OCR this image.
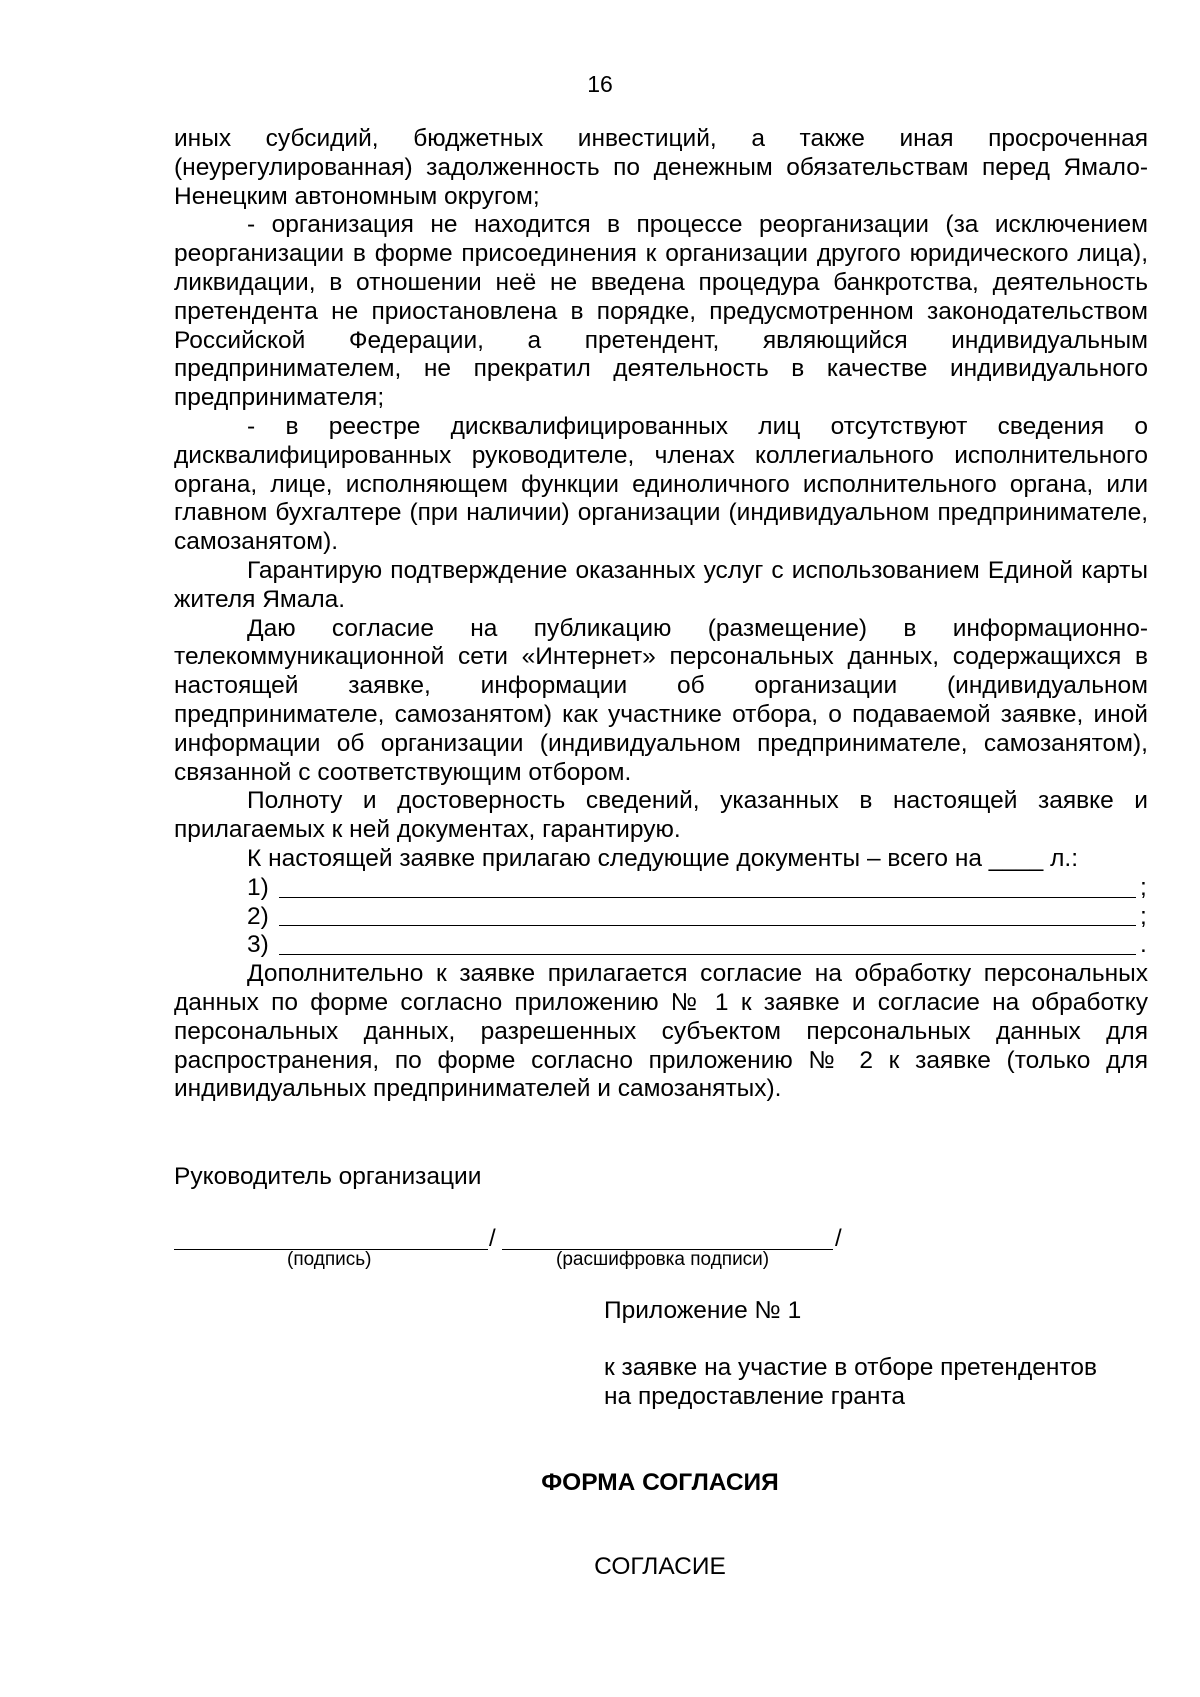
16

иных субсидий, бюджетных инвестиций, а также иная просроченная (неурегулированная) задолженность по денежным обязательствам перед Ямало-Ненецким автономным округом;

- организация не находится в процессе реорганизации (за исключением реорганизации в форме присоединения к организации другого юридического лица), ликвидации, в отношении неё не введена процедура банкротства, деятельность претендента не приостановлена в порядке, предусмотренном законодательством Российской Федерации, а претендент, являющийся индивидуальным предпринимателем, не прекратил деятельность в качестве индивидуального предпринимателя;

- в реестре дисквалифицированных лиц отсутствуют сведения о дисквалифицированных руководителе, членах коллегиального исполнительного органа, лице, исполняющем функции единоличного исполнительного органа, или главном бухгалтере (при наличии) организации (индивидуальном предпринимателе, самозанятом).

Гарантирую подтверждение оказанных услуг с использованием Единой карты жителя Ямала.

Даю согласие на публикацию (размещение) в информационно-телекоммуникационной сети «Интернет» персональных данных, содержащихся в настоящей заявке, информации об организации (индивидуальном предпринимателе, самозанятом) как участнике отбора, о подаваемой заявке, иной информации об организации (индивидуальном предпринимателе, самозанятом), связанной с соответствующим отбором.

Полноту и достоверность сведений, указанных в настоящей заявке и прилагаемых к ней документах, гарантирую.

К настоящей заявке прилагаю следующие документы – всего на ____ л.:

1)	;
2)	;
3)	.

Дополнительно к заявке прилагается согласие на обработку персональных данных по форме согласно приложению № 1 к заявке и согласие на обработку персональных данных, разрешенных субъектом персональных данных для распространения, по форме согласно приложению № 2 к заявке (только для индивидуальных предпринимателей и самозанятых).

Руководитель организации
/	/
(подпись)	(расшифровка подписи)
Приложение № 1
к заявке на участие в отборе претендентов
на предоставление гранта
ФОРМА СОГЛАСИЯ
СОГЛАСИЕ
